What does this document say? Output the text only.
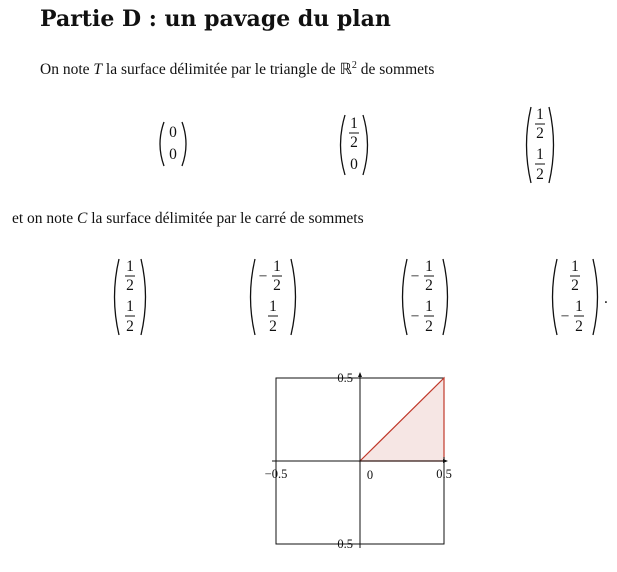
Partie D : un pavage du plan

On note T la surface délimitée par le triangle de ℝ$^2$ de sommets

0
0
1
2
0
1
2
1
2

et on note C la surface délimitée par le carré de sommets

1
2
1
2
−
1
2
1
2
−
1
2
−
1
2
1
2
−
1
2
.
0.5
−0.5
−0.5	0.5
0
